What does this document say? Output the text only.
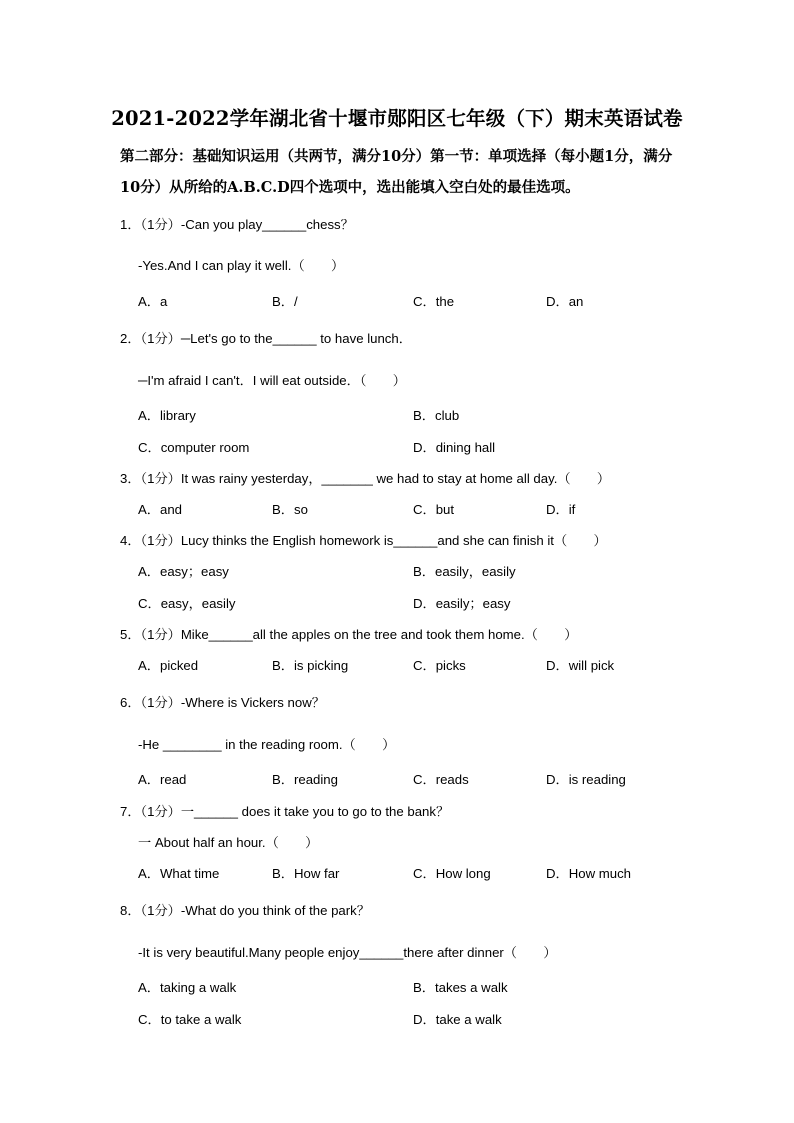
2021-2022学年湖北省十堰市郧阳区七年级（下）期末英语试卷
第二部分：基础知识运用（共两节，满分10分）第一节：单项选择（每小题1分，满分10分）从所给的A.B.C.D四个选项中，选出能填入空白处的最佳选项。
1．（1分）-Can you play______chess？
-Yes.And I can play it well.（　　）
A．a	B．/	C．the	D．an
2．（1分）─Let's go to the______ to have lunch．
─I'm afraid I can't．I will eat outside．（　　）
A．library	B．club
C．computer room	D．dining hall
3．（1分）It was rainy yesterday，_______ we had to stay at home all day.（　　）
A．and	B．so	C．but	D．if
4．（1分）Lucy thinks the English homework is______and she can finish it（　　）
A．easy；easy	B．easily，easily
C．easy，easily	D．easily；easy
5．（1分）Mike______all the apples on the tree and took them home.（　　）
A．picked	B．is picking	C．picks	D．will pick
6．（1分）-Where is Vickers now？
-He ________ in the reading room.（　　）
A．read	B．reading	C．reads	D．is reading
7．（1分）一______ does it take you to go to the bank？
一 About half an hour.（　　）
A．What time	B．How far	C．How long	D．How much
8．（1分）-What do you think of the park？
-It is very beautiful.Many people enjoy______there after dinner（　　）
A．taking a walk	B．takes a walk
C．to take a walk	D．take a walk
